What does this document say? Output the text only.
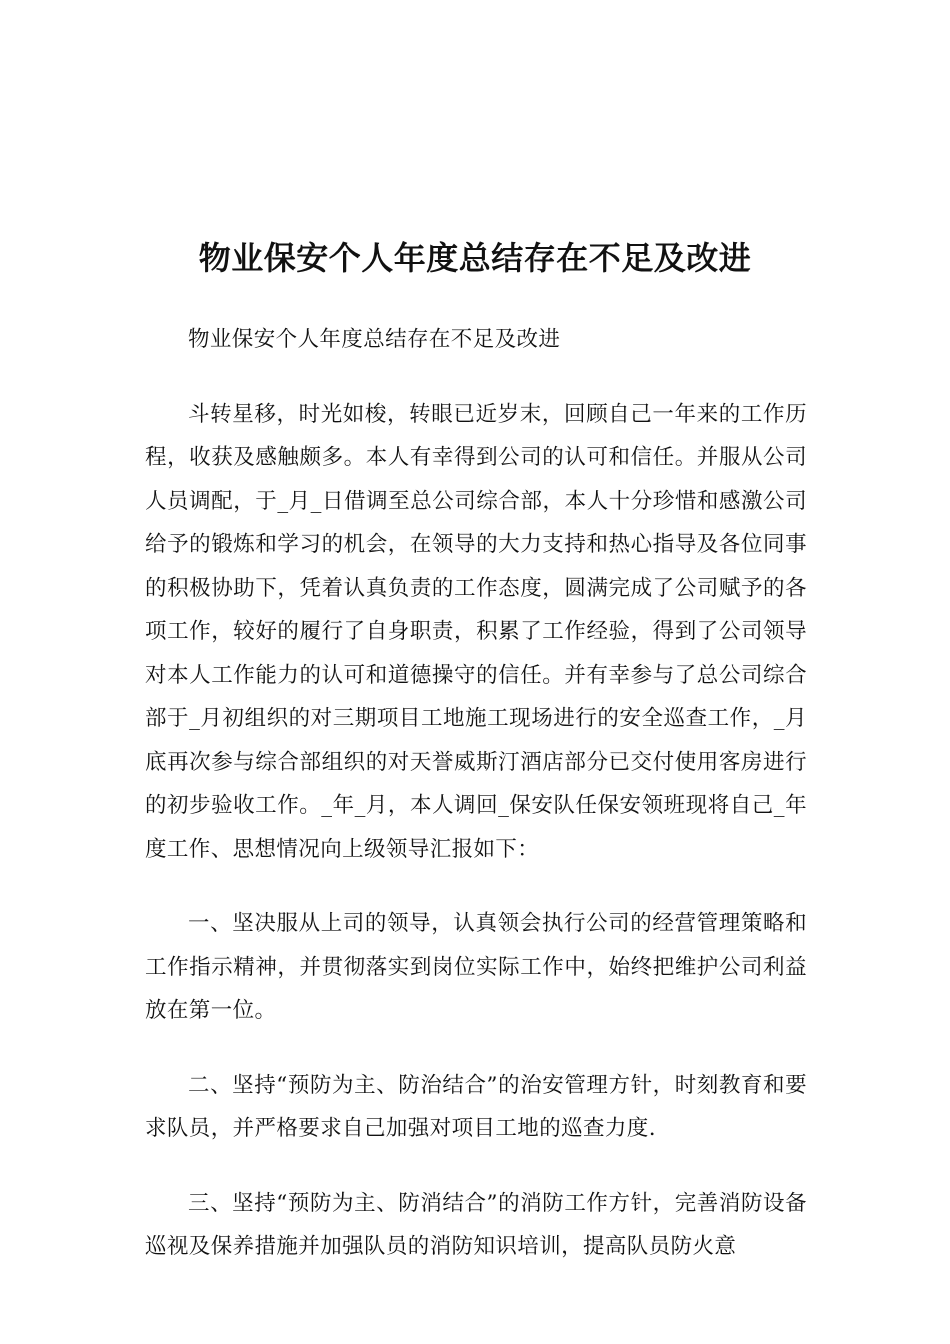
物业保安个人年度总结存在不足及改进

物业保安个人年度总结存在不足及改进

斗转星移，时光如梭，转眼已近岁末，回顾自己一年来的工作历程，收获及感触颇多。本人有幸得到公司的认可和信任。并服从公司人员调配，于_月_日借调至总公司综合部，本人十分珍惜和感激公司给予的锻炼和学习的机会，在领导的大力支持和热心指导及各位同事的积极协助下，凭着认真负责的工作态度，圆满完成了公司赋予的各项工作，较好的履行了自身职责，积累了工作经验，得到了公司领导对本人工作能力的认可和道德操守的信任。并有幸参与了总公司综合部于_月初组织的对三期项目工地施工现场进行的安全巡查工作，_月底再次参与综合部组织的对天誉威斯汀酒店部分已交付使用客房进行的初步验收工作。_年_月，本人调回_保安队任保安领班现将自己_年度工作、思想情况向上级领导汇报如下：

一、坚决服从上司的领导，认真领会执行公司的经营管理策略和工作指示精神，并贯彻落实到岗位实际工作中，始终把维护公司利益放在第一位。

二、坚持“预防为主、防治结合”的治安管理方针，时刻教育和要求队员，并严格要求自己加强对项目工地的巡查力度.

三、坚持“预防为主、防消结合”的消防工作方针，完善消防设备巡视及保养措施并加强队员的消防知识培训，提高队员防火意
